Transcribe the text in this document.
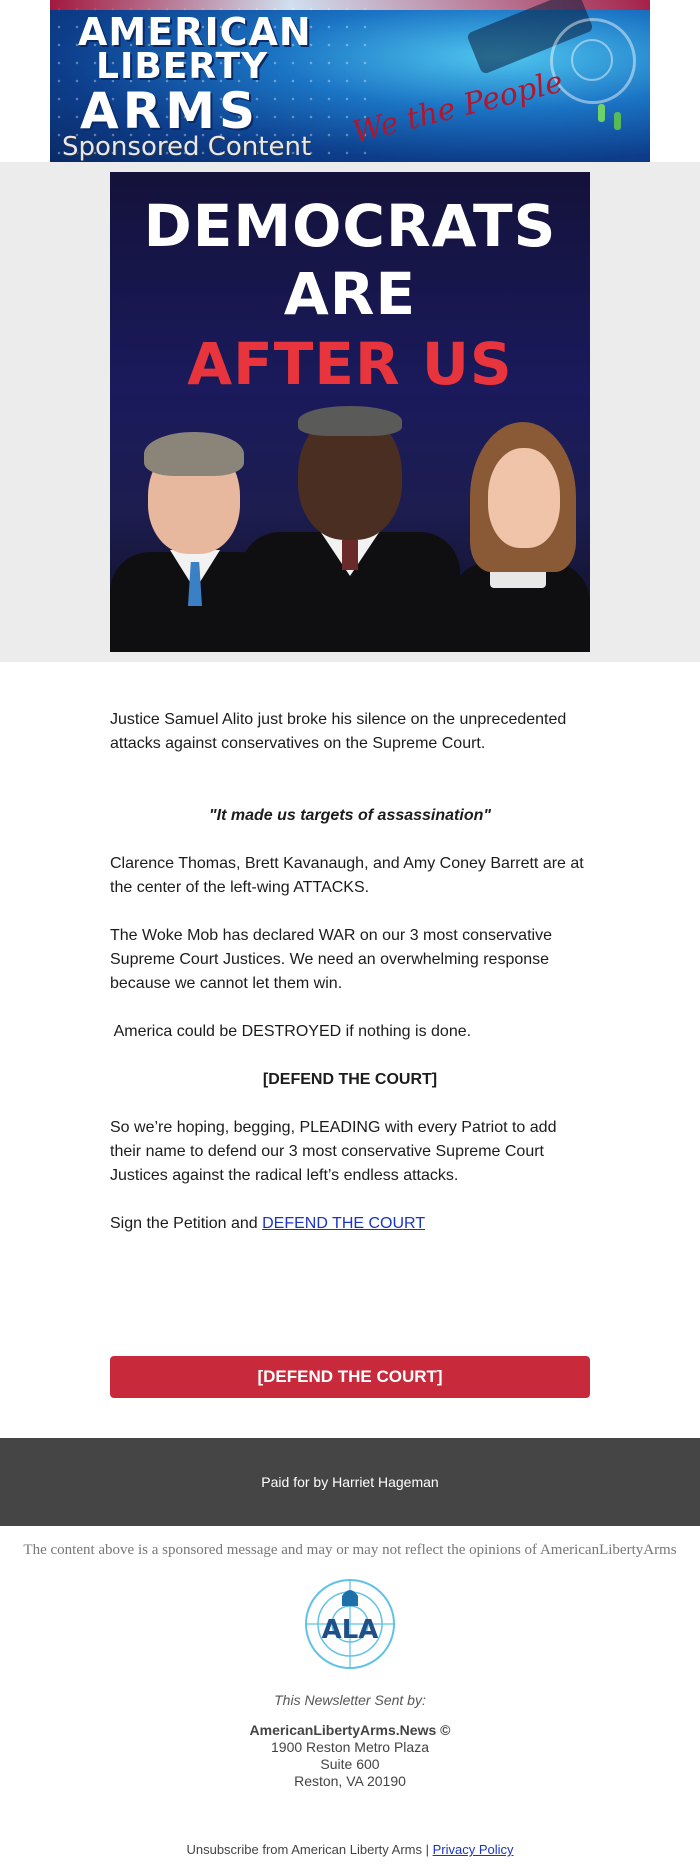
AMERICAN
LIBERTY
ARMS	We the People
Sponsored Content
DEMOCRATS
ARE
AFTER US

Justice Samuel Alito just broke his silence on the unprecedented attacks against conservatives on the Supreme Court.

"It made us targets of assassination"

Clarence Thomas, Brett Kavanaugh, and Amy Coney Barrett are at the center of the left-wing ATTACKS.

The Woke Mob has declared WAR on our 3 most conservative Supreme Court Justices. We need an overwhelming response because we cannot let them win.

America could be DESTROYED if nothing is done.

[DEFEND THE COURT]

So we’re hoping, begging, PLEADING with every Patriot to add their name to defend our 3 most conservative Supreme Court Justices against the radical left’s endless attacks.

Sign the Petition and DEFEND THE COURT
[DEFEND THE COURT]
Paid for by Harriet Hageman
The content above is a sponsored message and may or may not reflect the opinions of AmericanLibertyArms
ALA
This Newsletter Sent by:
AmericanLibertyArms.News ©
1900 Reston Metro Plaza
Suite 600
Reston, VA 20190
Unsubscribe from American Liberty Arms | Privacy Policy
